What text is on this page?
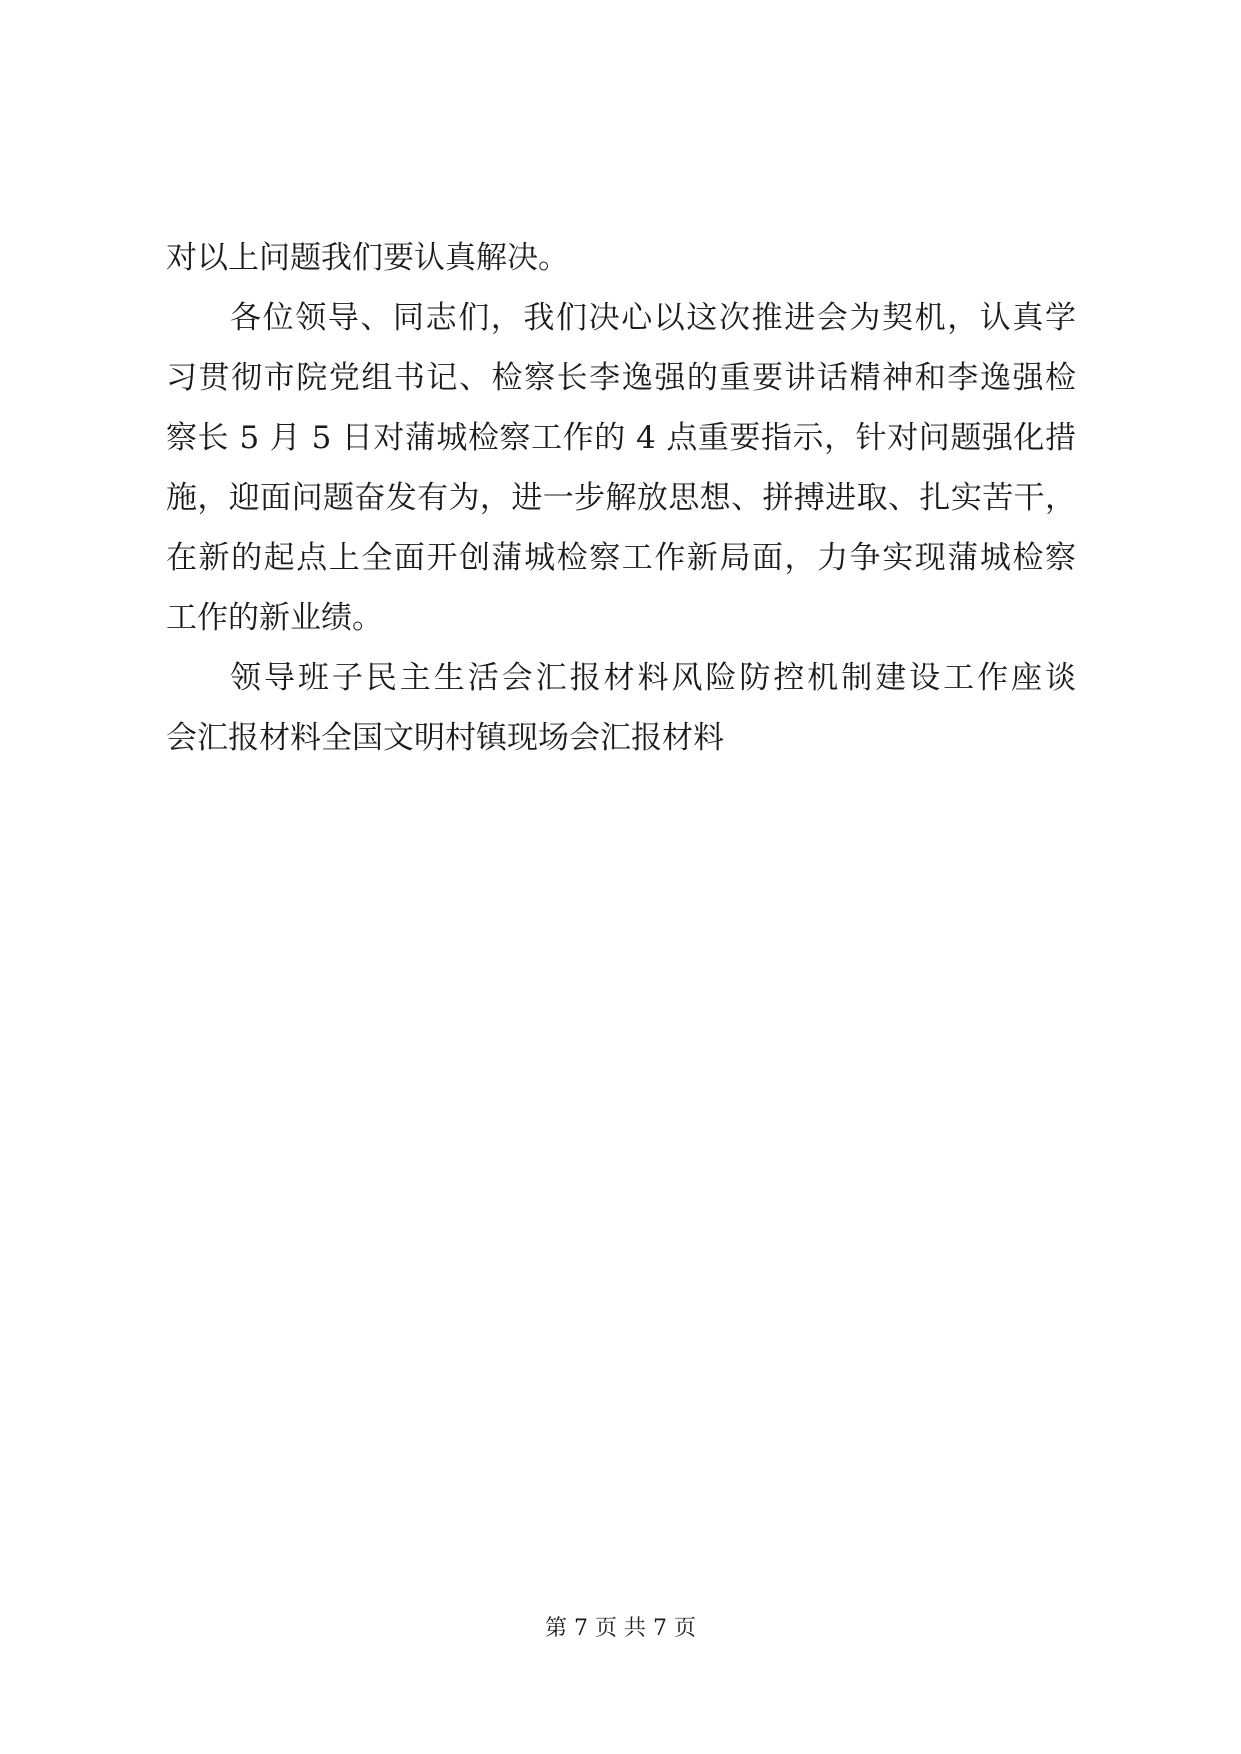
对以上问题我们要认真解决。
各位领导、同志们，我们决心以这次推进会为契机，认真学
习贯彻市院党组书记、检察长李逸强的重要讲话精神和李逸强检
察长 5 月 5 日对蒲城检察工作的 4 点重要指示，针对问题强化措
施，迎面问题奋发有为，进一步解放思想、拼搏进取、扎实苦干，
在新的起点上全面开创蒲城检察工作新局面，力争实现蒲城检察
工作的新业绩。
领导班子民主生活会汇报材料风险防控机制建设工作座谈
会汇报材料全国文明村镇现场会汇报材料
第 7 页 共 7 页
